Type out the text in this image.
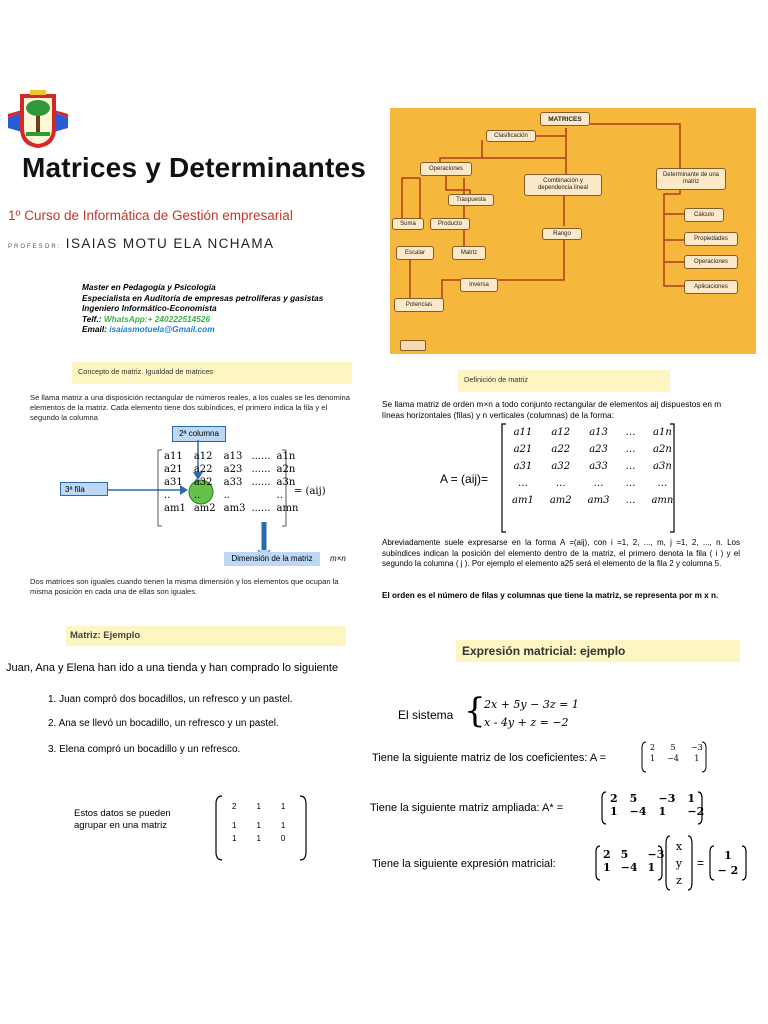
Matrices y Determinantes
1º Curso de Informática de Gestión empresarial
PROFESOR: ISAIAS MOTU ELA NCHAMA
Master en Pedagogía y Psicología
Especialista en Auditoría de empresas petrolíferas y gasistas
Ingeniero Informático-Economista
Telf.: WhatsApp:+ 240222514526
Email: isaiasmotuela@Gmail.com
MATRICES
Clasificación
Operaciones
Combinación y dependencia lineal
Determinante de una matriz
Traspuesta
Suma	Producto
Escalar	Matriz
Rango
Inversa
Potencias
Cálculo
Propiedades
Operaciones
Aplicaciones
Concepto de matriz. Igualdad de matrices
Se llama matriz a una disposición rectangular de números reales, a los cuales se les denomina elementos de la matriz. Cada elemento tiene dos subíndices, el primero indica la fila y el segundo la columna
2ª columna
3ª fila
a11	a12	a13	......	a1n
a21	a22	a23	......	a2n
a31	a32	a33	......	a3n
..	..	..		..
am1	am2	am3	......	amn
= (aij)
Dimensión de la matriz	m×n
Dos matrices son iguales cuando tienen la misma dimensión y los elementos que ocupan la misma posición en cada una de ellas son iguales.
Definición de matriz
Se llama matriz de orden m×n a todo conjunto rectangular de elementos aij dispuestos en m líneas horizontales (filas) y n verticales (columnas) de la forma:
A = (aij)=
a11	a12	a13	…	a1n
a21	a22	a23	…	a2n
a31	a32	a33	…	a3n
…	…	…	…	…
am1	am2	am3	…	amn
Abreviadamente suele expresarse en la forma A =(aij), con i =1, 2, ..., m, j =1, 2, ..., n. Los subíndices indican la posición del elemento dentro de la matriz, el primero denota la fila ( i ) y el segundo la columna ( j ). Por ejemplo el elemento a25 será el elemento de la fila 2 y columna 5.
El orden es el número de filas y columnas que tiene la matriz, se representa por m x n.
Matriz: Ejemplo
Juan, Ana y Elena han ido a una tienda y han comprado lo siguiente
1. Juan compró dos bocadillos, un refresco y un pastel.
2. Ana se llevó un bocadillo, un refresco y un pastel.
3. Elena compró un bocadillo y un refresco.
Estos datos se pueden agrupar en una matriz
2	1	1
1	1	1
1	1	0
Expresión matricial: ejemplo
El sistema {
2x + 5y − 3z = 1
x - 4y + z = −2
Tiene la siguiente matriz de los coeficientes: A =
2	5	−3
1	−4	1
Tiene la siguiente matriz ampliada: A* =
2	5	−3	1
1	−4	1	−2
Tiene la siguiente expresión matricial:
2	5	−3
1	−4	1
x
y
z
=
1
− 2
